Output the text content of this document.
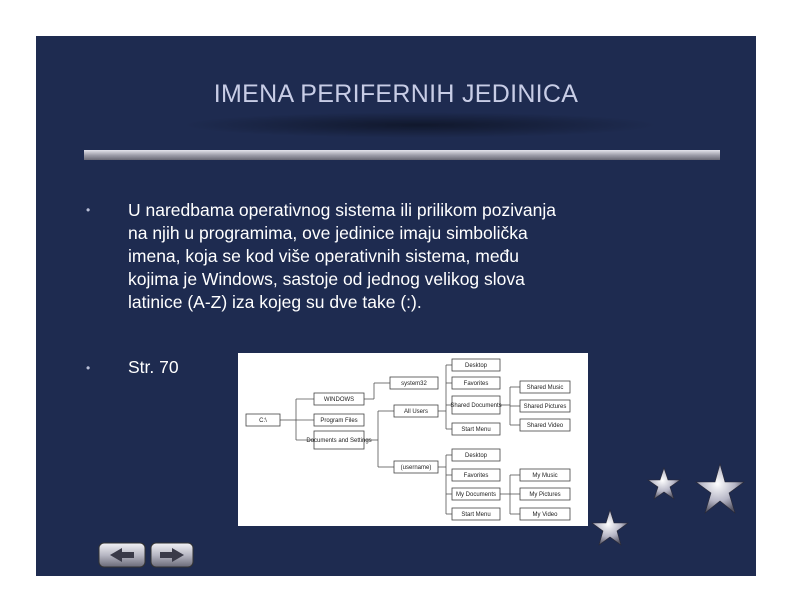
IMENA PERIFERNIH JEDINICA
• U naredbama operativnog sistema ili prilikom pozivanja
na njih u programima, ove jedinice imaju simbolička
imena, koja se kod više operativnih sistema, među
kojima je Windows, sastoje od jednog velikog slova
latinice (A-Z) iza kojeg su dve take (:).
• Str. 70
C:\
WINDOWS
Program Files
Documents and Settings
system32
All Users
(username)
Desktop
Favorites
Shared Documents
Start Menu
Shared Music
Shared Pictures
Shared Video
Desktop
Favorites
My Documents
Start Menu
My Music
My Pictures
My Video
